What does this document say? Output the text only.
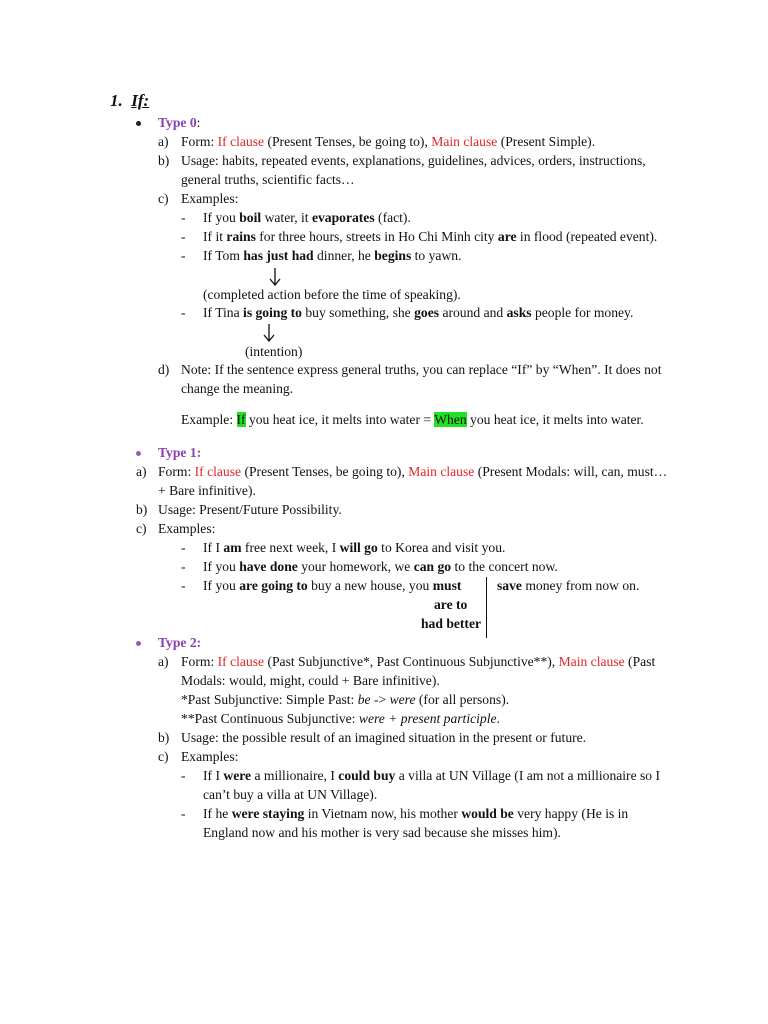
1. If:
Type 0:
a) Form: If clause (Present Tenses, be going to), Main clause (Present Simple).
b) Usage: habits, repeated events, explanations, guidelines, advices, orders, instructions,
general truths, scientific facts…
c) Examples:
- If you boil water, it evaporates (fact).
- If it rains for three hours, streets in Ho Chi Minh city are in flood (repeated event).
- If Tom has just had dinner, he begins to yawn.
(completed action before the time of speaking).
- If Tina is going to buy something, she goes around and asks people for money.
(intention)
d) Note: If the sentence express general truths, you can replace “If” by “When”. It does not
change the meaning.
Example: If you heat ice, it melts into water = When you heat ice, it melts into water.
Type 1:
a) Form: If clause (Present Tenses, be going to), Main clause (Present Modals: will, can, must…
+ Bare infinitive).
b) Usage: Present/Future Possibility.
c) Examples:
- If I am free next week, I will go to Korea and visit you.
- If you have done your homework, we can go to the concert now.
- If you are going to buy a new house, you must	save money from now on.
are to
had better
Type 2:
a) Form: If clause (Past Subjunctive*, Past Continuous Subjunctive**), Main clause (Past
Modals: would, might, could + Bare infinitive).
*Past Subjunctive: Simple Past: be -> were (for all persons).
**Past Continuous Subjunctive: were + present participle.
b) Usage: the possible result of an imagined situation in the present or future.
c) Examples:
- If I were a millionaire, I could buy a villa at UN Village (I am not a millionaire so I
can’t buy a villa at UN Village).
- If he were staying in Vietnam now, his mother would be very happy (He is in
England now and his mother is very sad because she misses him).
